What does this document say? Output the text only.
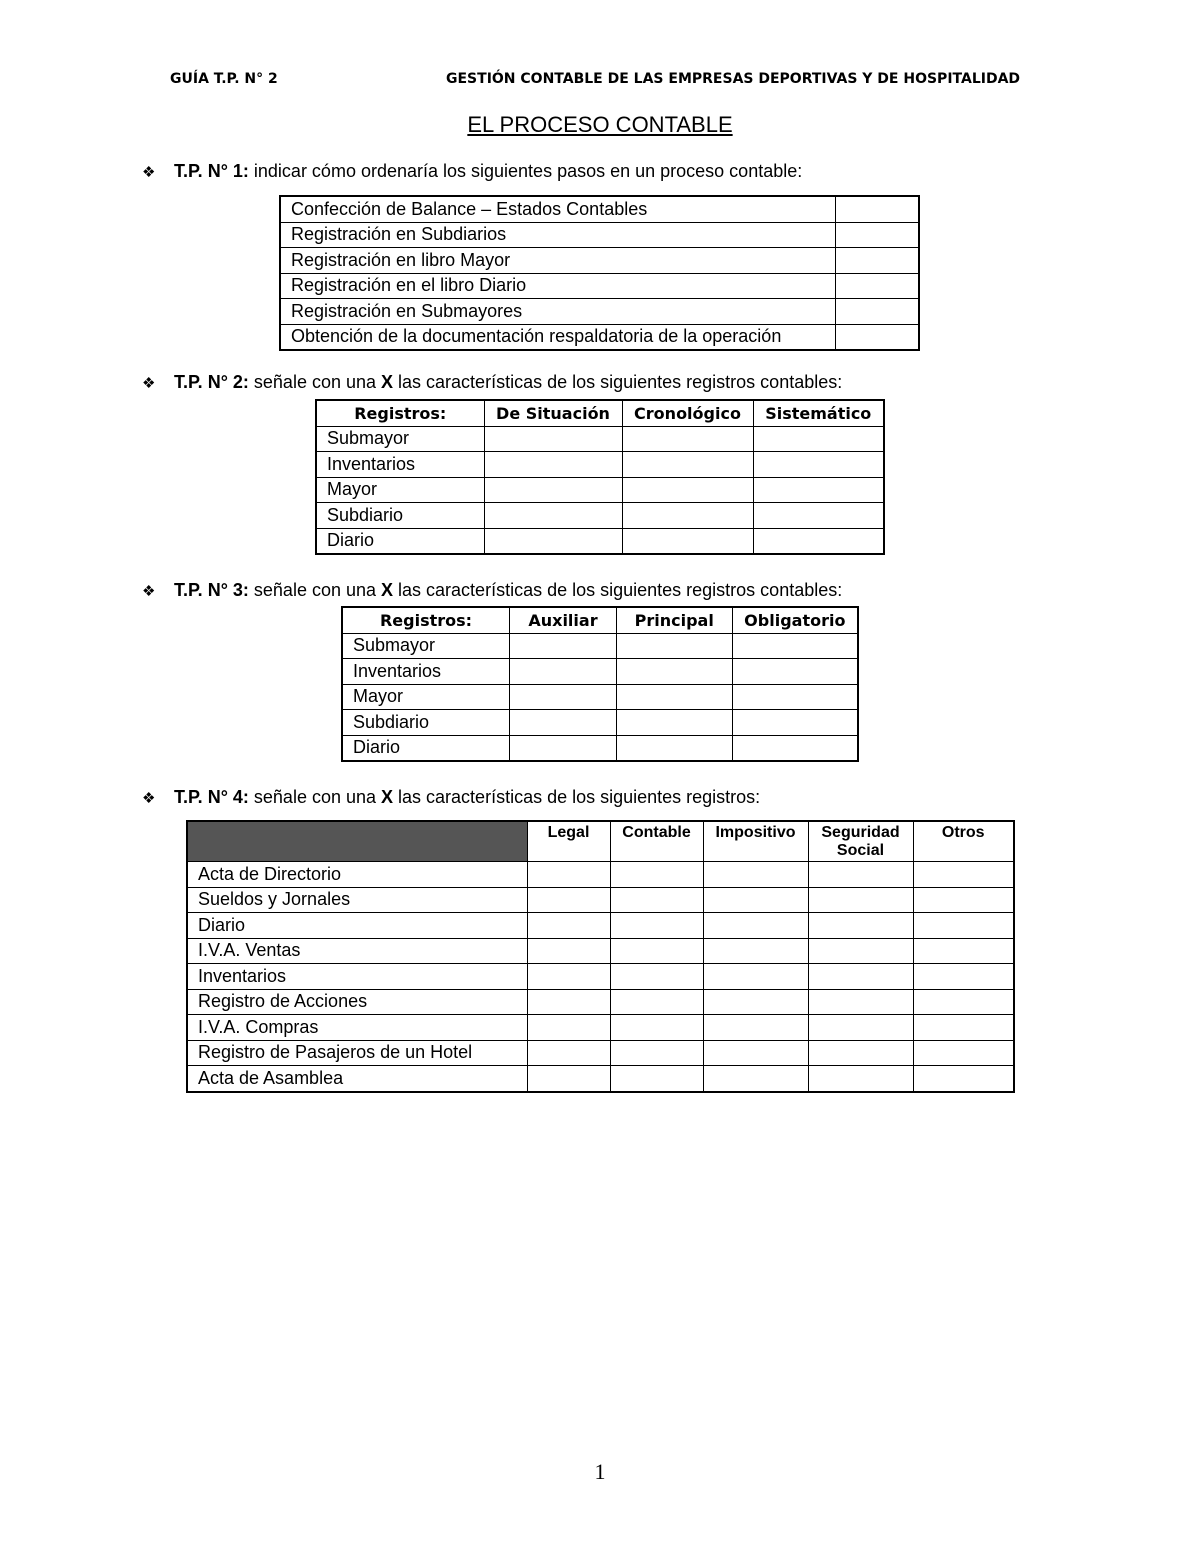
GUÍA T.P. N° 2	GESTIÓN CONTABLE DE LAS EMPRESAS DEPORTIVAS Y DE HOSPITALIDAD
EL PROCESO CONTABLE
❖ T.P. N° 1: indicar cómo ordenaría los siguientes pasos en un proceso contable:
Confección de Balance – Estados Contables	
Registración en Subdiarios	
Registración en libro Mayor	
Registración en el libro Diario	
Registración en Submayores	
Obtención de la documentación respaldatoria de la operación	
❖ T.P. N° 2: señale con una X las características de los siguientes registros contables:
Registros:	De Situación	Cronológico	Sistemático
Submayor			
Inventarios			
Mayor			
Subdiario			
Diario			
❖ T.P. N° 3: señale con una X las características de los siguientes registros contables:
Registros:	Auxiliar	Principal	Obligatorio
Submayor			
Inventarios			
Mayor			
Subdiario			
Diario			
❖ T.P. N° 4: señale con una X las características de los siguientes registros:
	Legal	Contable	Impositivo	Seguridad Social	Otros
Acta de Directorio					
Sueldos y Jornales					
Diario					
I.V.A. Ventas					
Inventarios					
Registro de Acciones					
I.V.A. Compras					
Registro de Pasajeros de un Hotel					
Acta de Asamblea					
1
